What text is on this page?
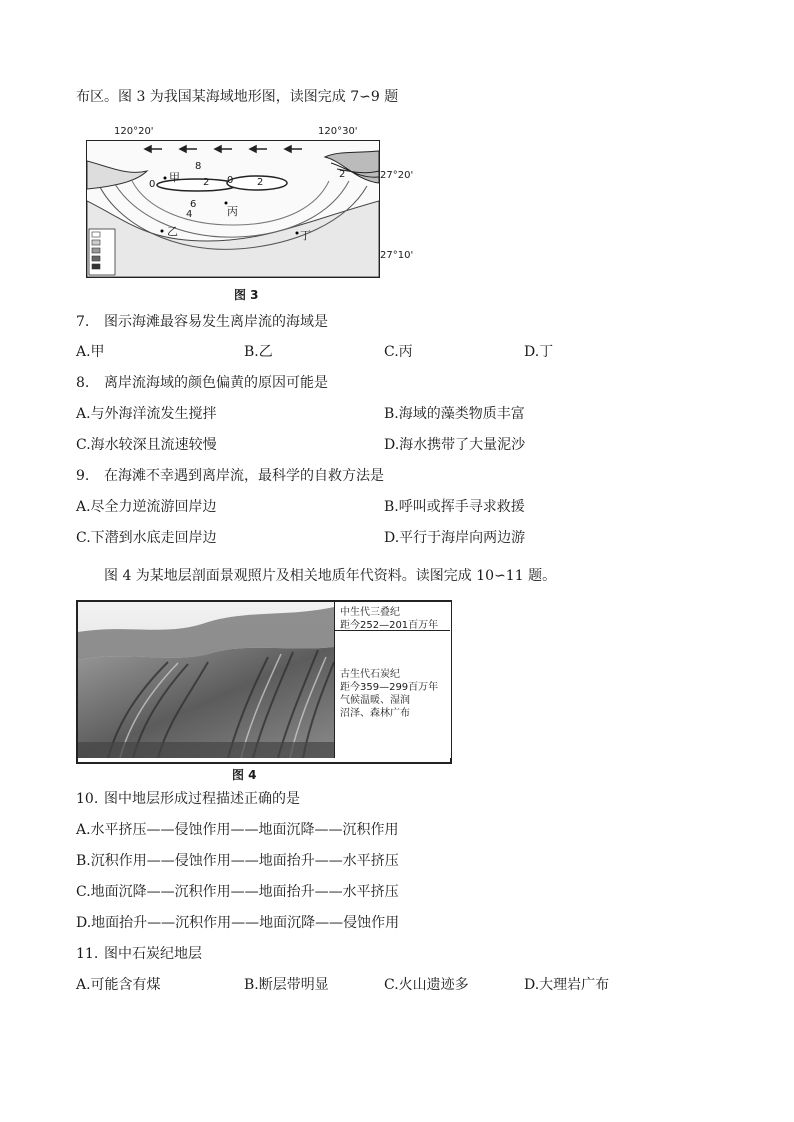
布区。图 3 为我国某海域地形图，读图完成 7∽9 题
120°20'	120°30'
甲
乙
丙
丁
8
2 0 2
0
6
4
2	27°20'
27°10'
图 3
7. 图示海滩最容易发生离岸流的海域是
A.甲	B.乙	C.丙	D.丁
8. 离岸流海域的颜色偏黄的原因可能是
A.与外海洋流发生搅拌	B.海域的藻类物质丰富
C.海水较深且流速较慢	D.海水携带了大量泥沙
9. 在海滩不幸遇到离岸流，最科学的自救方法是
A.尽全力逆流游回岸边	B.呼叫或挥手寻求救援
C.下潜到水底走回岸边	D.平行于海岸向两边游
图 4 为某地层剖面景观照片及相关地质年代资料。读图完成 10∽11 题。
中生代三叠纪
距今252—201百万年
古生代石炭纪
距今359—299百万年
气候温暖、湿润
沼泽、森林广布
图 4
10. 图中地层形成过程描述正确的是
A.水平挤压——侵蚀作用——地面沉降——沉积作用
B.沉积作用——侵蚀作用——地面抬升——水平挤压
C.地面沉降——沉积作用——地面抬升——水平挤压
D.地面抬升——沉积作用——地面沉降——侵蚀作用
11. 图中石炭纪地层
A.可能含有煤	B.断层带明显	C.火山遗迹多	D.大理岩广布
